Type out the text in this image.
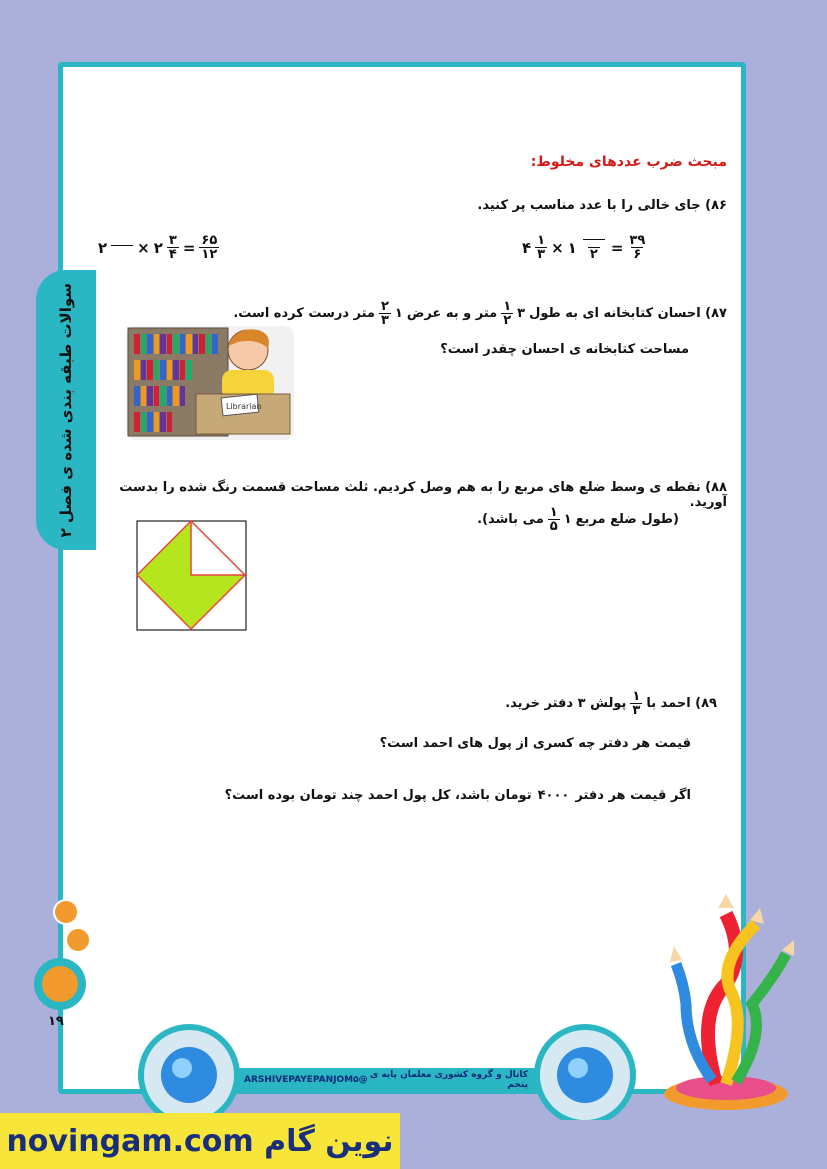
سوالات طبقه بندی شده ی فصل ۲
مبحث ضرب عددهای مخلوط:
۸۶) جای خالی را با عدد مناسب پر کنید.
۴ $\frac{۱}{۳}$ × ۱ ۲ = $\frac{۳۹}{۶}$
۲ × ۲ $\frac{۳}{۴} = \frac{۶۵}{۱۲}$
۸۷) احسان کتابخانه ای به طول
۳
$\frac{۱}{۲}$
متر و به عرض
۱
$\frac{۲}{۳}$
متر درست کرده است.
مساحت کتابخانه ی احسان چقدر است؟
Librarian
۸۸) نقطه ی وسط ضلع های مربع را به هم وصل کردیم. ثلث مساحت قسمت رنگ شده را بدست آورید.
(طول ضلع مربع
۱
$\frac{۱}{۵}$
می باشد).
۸۹) احمد با
$\frac{۱}{۳}$
پولش ۳ دفتر خرید.
قیمت هر دفتر چه کسری از پول های احمد است؟
اگر قیمت هر دفتر
۴۰۰۰
تومان باشد، کل پول احمد چند تومان بوده است؟
۱۹
ARSHIVEPAYEPANJOM۵@ کانال و گروه کشوری معلمان پایه ی پنجم
novingam.com نوین گام
